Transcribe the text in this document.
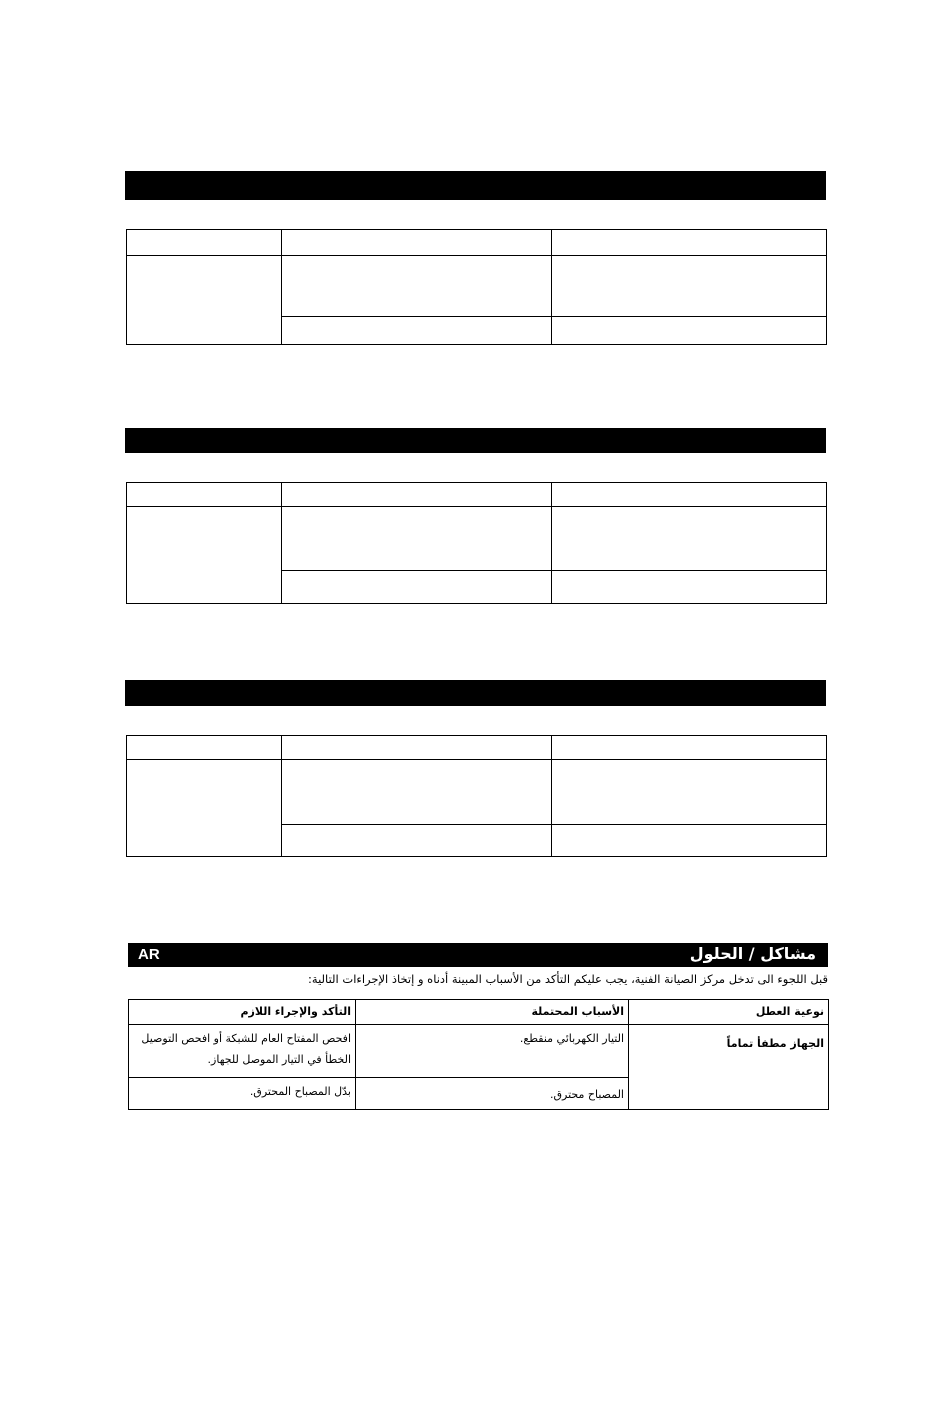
AR	مشاكل / الحلول
قبل اللجوء الى تدخل مركز الصيانة الفنية، يجب عليكم التأكد من الأسباب المبينة أدناه و إتخاذ الإجراءات التالية:
نوعية العطل	الأسباب المحتملة	التأكد والإجراء اللازم
الجهاز مطفأ تماماً	التيار الكهربائي منقطع.	افحص المفتاح العام للشبكة أو افحص التوصيل الخطأ في التيار الموصل للجهاز.
	المصباح محترق.	بدّل المصباح المحترق.
